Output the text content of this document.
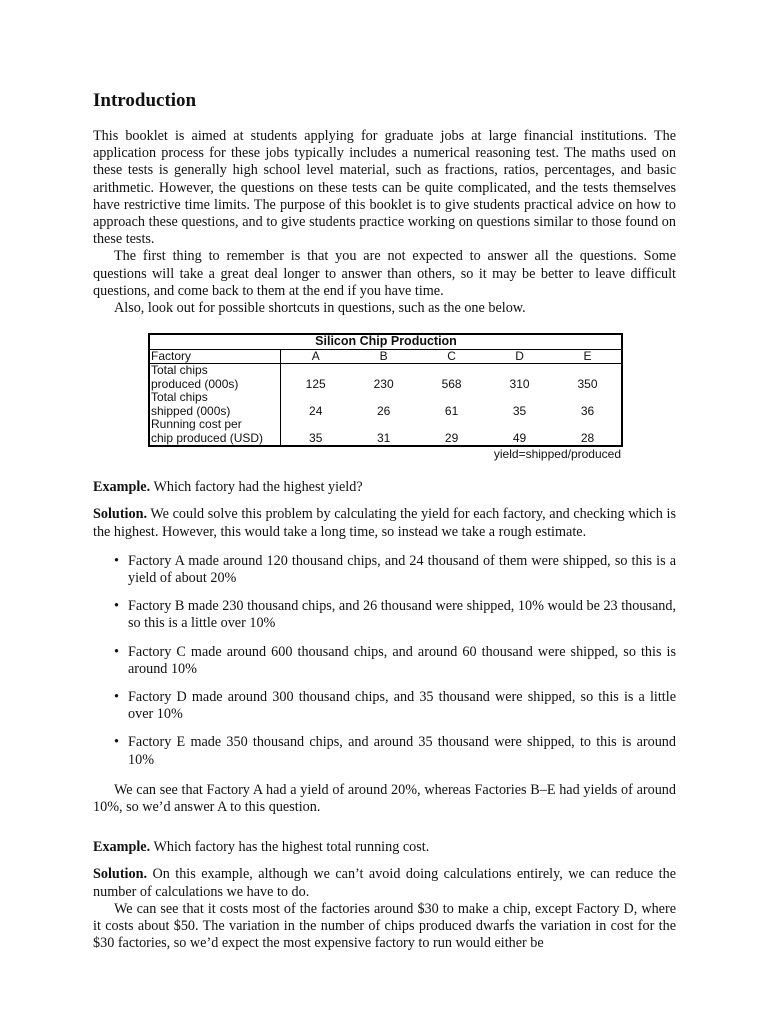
Introduction

This booklet is aimed at students applying for graduate jobs at large financial institutions. The application process for these jobs typically includes a numerical reasoning test. The maths used on these tests is generally high school level material, such as fractions, ratios, percentages, and basic arithmetic. However, the questions on these tests can be quite complicated, and the tests themselves have restrictive time limits. The purpose of this booklet is to give students practical advice on how to approach these questions, and to give students practice working on questions similar to those found on these tests.

The first thing to remember is that you are not expected to answer all the questions. Some questions will take a great deal longer to answer than others, so it may be better to leave difficult questions, and come back to them at the end if you have time.

Also, look out for possible shortcuts in questions, such as the one below.

Silicon Chip Production					
Factory	A	B	C	D	E
Total chips
produced (000s)	125	230	568	310	350
Total chips
shipped (000s)	24	26	61	35	36
Running cost per
chip produced (USD)	35	31	29	49	28
yield=shipped/produced

Example. Which factory had the highest yield?

Solution. We could solve this problem by calculating the yield for each factory, and checking which is the highest. However, this would take a long time, so instead we take a rough estimate.

• Factory A made around 120 thousand chips, and 24 thousand of them were shipped, so this is a yield of about 20%
• Factory B made 230 thousand chips, and 26 thousand were shipped, 10% would be 23 thousand, so this is a little over 10%
• Factory C made around 600 thousand chips, and around 60 thousand were shipped, so this is around 10%
• Factory D made around 300 thousand chips, and 35 thousand were shipped, so this is a little over 10%
• Factory E made 350 thousand chips, and around 35 thousand were shipped, to this is around 10%

We can see that Factory A had a yield of around 20%, whereas Factories B–E had yields of around 10%, so we’d answer A to this question.

Example. Which factory has the highest total running cost.

Solution. On this example, although we can’t avoid doing calculations entirely, we can reduce the number of calculations we have to do.

We can see that it costs most of the factories around $30 to make a chip, except Factory D, where it costs about $50. The variation in the number of chips produced dwarfs the variation in cost for the $30 factories, so we’d expect the most expensive factory to run would either be
